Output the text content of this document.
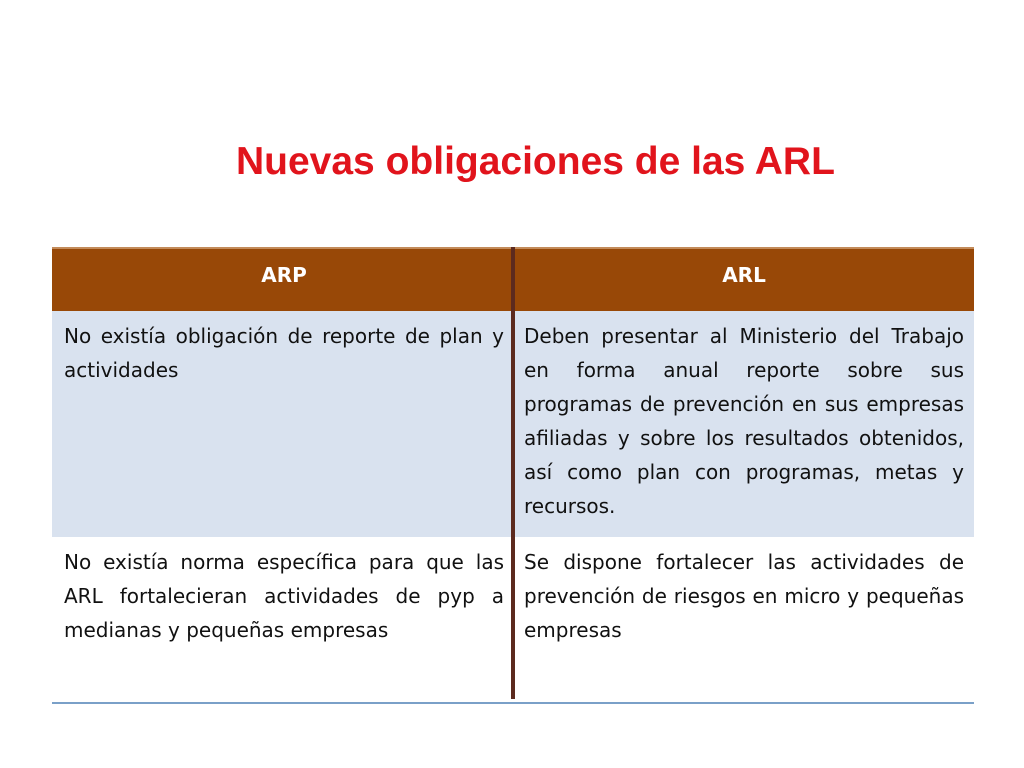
Nuevas obligaciones de las ARL
ARP	ARL
No existía obligación de reporte de plan y actividades
Deben presentar al Ministerio del Trabajo en forma anual reporte sobre sus programas de prevención en sus empresas afiliadas y sobre los resultados obtenidos, así como plan con programas, metas y recursos.
No existía norma específica para que las ARL fortalecieran actividades de pyp a medianas y pequeñas empresas
Se dispone fortalecer las actividades de prevención de riesgos en micro y pequeñas empresas
